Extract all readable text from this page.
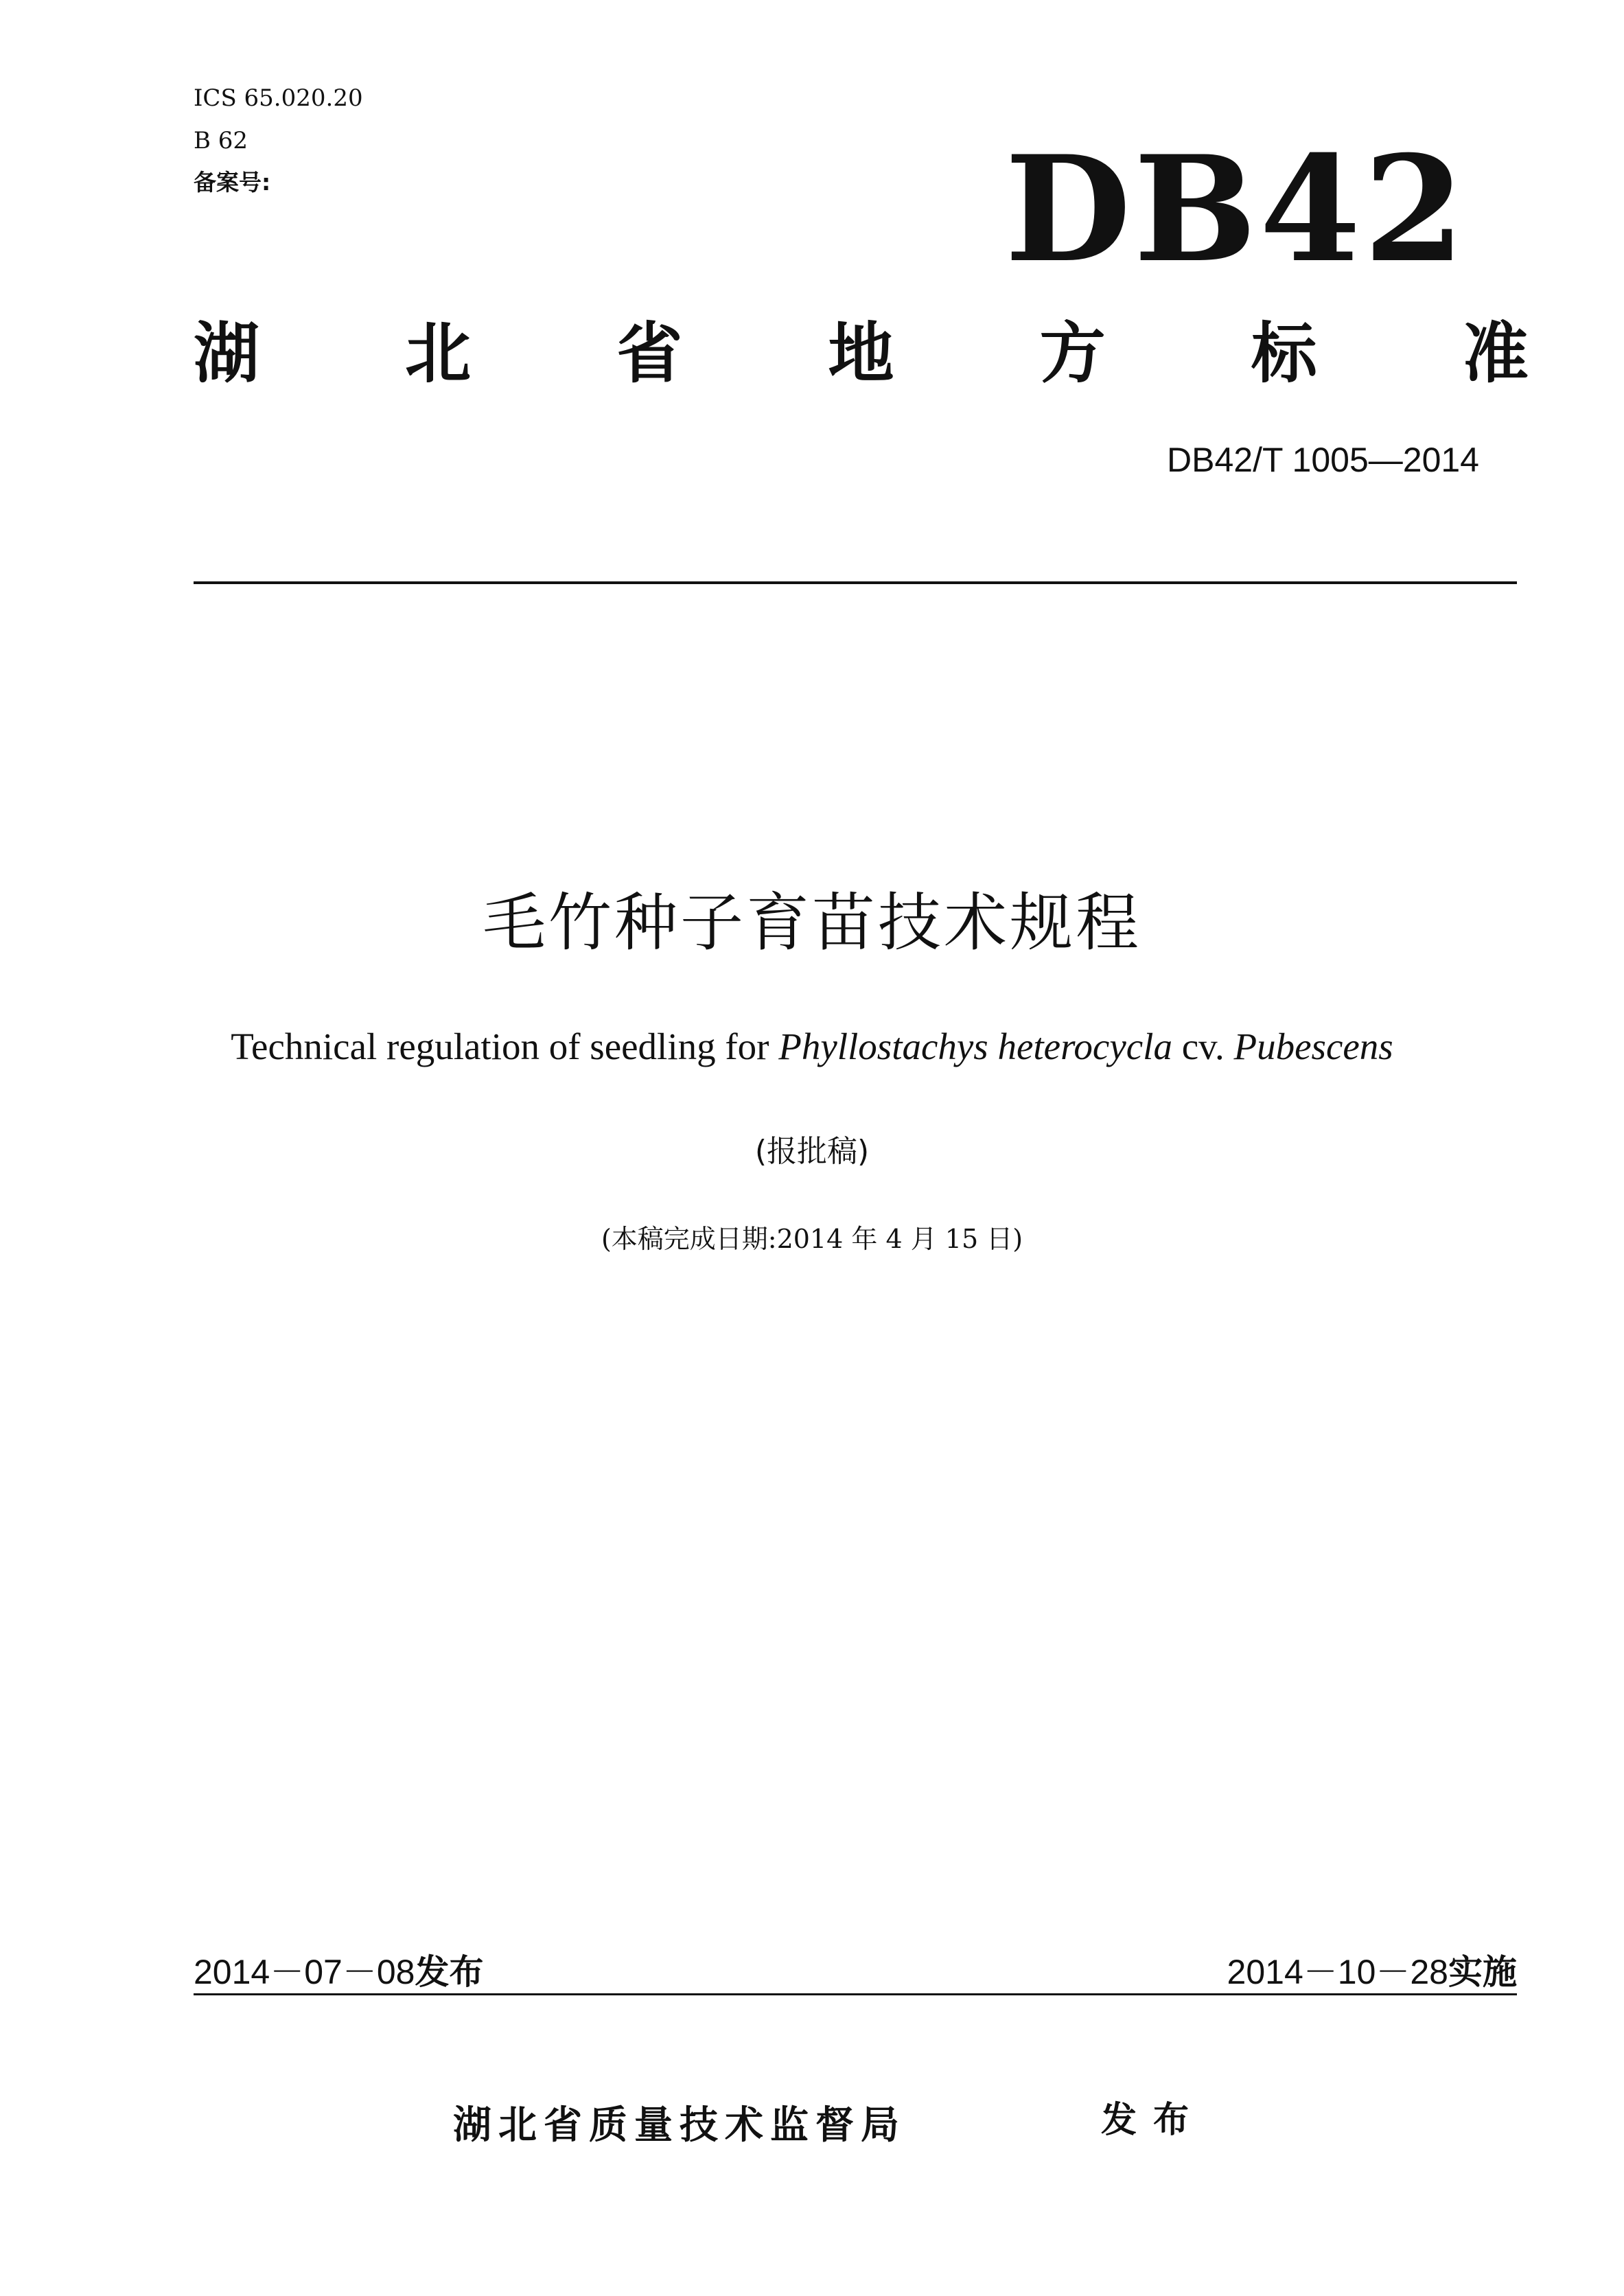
ICS 65.020.20
B 62
备案号:	DB42
湖 北 省 地 方 标 准
DB42/T 1005—2014
毛竹种子育苗技术规程
Technical regulation of seedling for Phyllostachys heterocycla cv. Pubescens
(报批稿)
(本稿完成日期:2014 年 4 月 15 日)
2014－07－08发布	2014－10－28实施
湖北省质量技术监督局	发布
